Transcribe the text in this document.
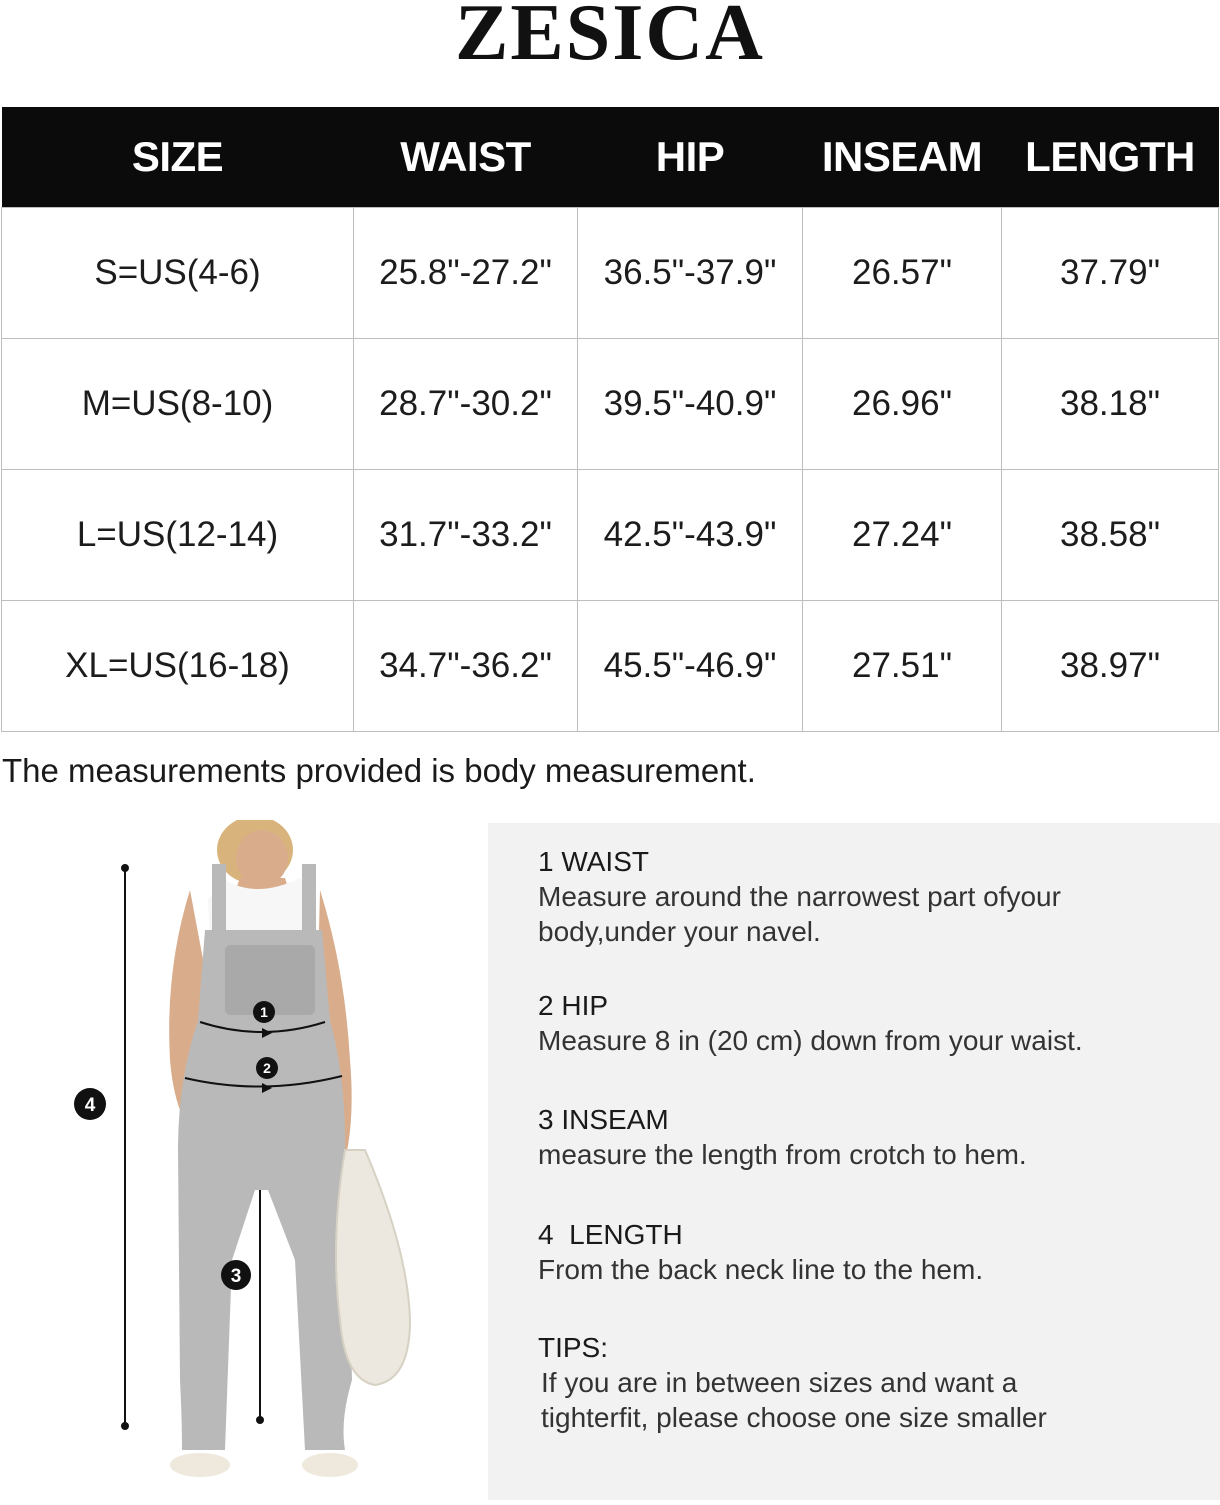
ZESICA
SIZE	WAIST	HIP	INSEAM	LENGTH
S=US(4-6)	25.8"-27.2"	36.5"-37.9"	26.57"	37.79"
M=US(8-10)	28.7"-30.2"	39.5"-40.9"	26.96"	38.18"
L=US(12-14)	31.7"-33.2"	42.5"-43.9"	27.24"	38.58"
XL=US(16-18)	34.7"-36.2"	45.5"-46.9"	27.51"	38.97"
The measurements provided is body measurement.
1
2
3
4
1 WAIST
Measure around the narrowest part ofyour body,under your navel.
2 HIP
Measure 8 in (20 cm) down from your waist.
3 INSEAM
measure the length from crotch to hem.
4  LENGTH
From the back neck line to the hem.
TIPS:
If you are in between sizes and want a tighterfit, please choose one size smaller
